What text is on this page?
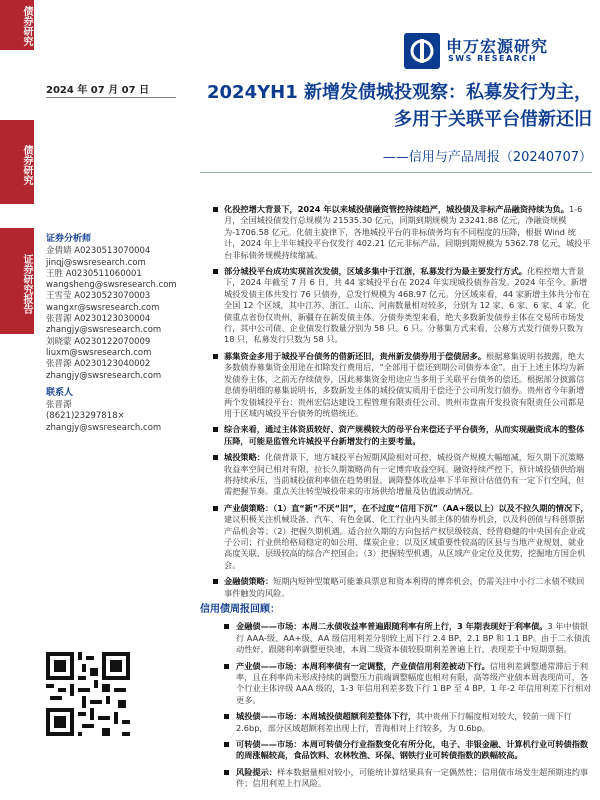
债券研究
债券研究
证券研究报告
申万宏源研究
SWS RESEARCH
2024 年 07 月 07 日	2024YH1 新增发债城投观察：私募发行为主，多用于关联平台借新还旧
——信用与产品周报（20240707）
证券分析师
金倩婧 A0230513070004
jinqj@swsresearch.com
王胜 A0230511060001
wangsheng@swsresearch.com
王雪莹 A0230523070003
wangxr@swsresearch.com
张晋源 A0230123030004
zhangjy@swsresearch.com
刘晓蒙 A0230122070009
liuxm@swsresearch.com
张晋源 A0230123040002
zhangjy@swsresearch.com
联系人
张晋源
(8621)23297818×
zhangjy@swsresearch.com
化投控增大背景下，2024 年以来城投债融资管控持续趋严，城投债及非标产品融资持续为负。1-6 月，全国城投债发行总规模为 21535.30 亿元，同期到期规模为 23241.88 亿元，净融资规模为-1706.58 亿元。化债主旋律下，各地城投平台的非标债务均有不同程度的压降，根据 Wind 统计，2024 年上半年城投平台仅发行 402.21 亿元非标产品，同期到期规模为 5362.78 亿元，城投平台非标债务规模持续缩减。
部分城投平台成功实现首次发债，区域多集中于江浙，私募发行为最主要发行方式。化程控增大背景下，2024 年截至 7 月 6 日，共 44 家城投平台在 2024 年实现城投债券首发。2024 年至今，新增城投发债主体共发行 76 只债券，总发行规模为 468.97 亿元。分区域来看，44 家新增主体共分布在全国 12 个区域，其中江苏、浙江、山东、河南数量相对较多，分别为 12 家、6 家、6 家、4 家。化债重点省份仅贵州、新疆存在新发债主体。分债券类型来看，绝大多数新发债券主体在交易所市场发行，其中公司债、企业债发行数量分别为 58 只、6 只。分募集方式来看，公募方式发行债券只数为 18 只，私募发行只数为 58 只。
募集资金多用于城投平台债务的借新还旧，贵州新发债券用于偿债居多。根据募集说明书披露，绝大多数债券募集资金用途在扣除发行费用后，“全部用于偿还到期公司债券本金”。由于上述主体均为新发债券主体，之前无存续债券，因此募集资金用途应当多用于关联平台债务的偿还。根据部分披露信息债券明细的募集说明书，多数新发主体的城投债实质用于偿还子公司所发行债券。贵州省今年新增两个发债城投平台：贵州宏信达建设工程管理有限责任公司、贵州市盘南开发投资有限责任公司都是用于区域内城投平台债务的统借统还。
综合来看，通过主体资质较好、资产规模较大的母平台来偿还子平台债务，从而实现融资成本的整体压降，可能是监管允许城投平台新增发行的主要考量。
城投策略：化债背景下，地方城投平台短期风险相对可控，城投资产规模大幅缩减，短久期下沉策略收益率空间已相对有限，拉长久期策略尚有一定博弈收益空间。融资持续严控下，预计城投债供给端将持续承压，当前城投债利率债在趋势明显，调降整体收益率下半年预计估值仍有一定下行空间，但需把握节奏。重点关注转型城投带来的市场供给增量及估值波动情况。
产业债策略：（1）直“新”不厌“旧”，在不过度“信用下沉”（AA+级以上）以及不拉久期的情况下，建议积极关注机械设备、汽车、有色金属、化工行业内头部主体的债券机会，以及科创债与科创票据产品机会等；（2）把握久期机遇。适合拉久期的方向包括产权层级较高、经营稳健的中央国有企业或子公司；行业供给格局稳定的如公用、煤炭企业；以及区域重要性较高的区县与当地产业规划、就业高度关联、层级较高的综合产控国企；（3）把握转型机遇，从区域产业定位及优势，挖掘地方国企机会。
金融债策略：短期内短钟型策略可能兼具票息和资本利得的博弈机会，仍需关注中小行二永债不赎回事件触发的风险。
信用债周报回顾：
金融债——市场：本周二永债收益率普遍跟随利率有所上行，3 年期表现好于利率债。3 年中债银行 AAA-级、AA+级、AA 级信用利差分别较上周下行 2.4 BP、2.1 BP 和 1.1 BP。由于二永债流动性好，跟随利率调整更快速，本周二级资本债较股期利差普遍上行，表现差于中短期票据。
产业债——市场：本周利率债有一定调整，产业债信用利差被动下行。信用利差调整通常滞后于利率，且在利率尚未形成持续的调整压力前端调整幅度也相对有限，高等级产业债本周表现尚可，各个行业主体评级 AAA 级的，1-3 年信用利差多数下行 1 BP 至 4 BP，1 年-2 年信用利差下行相对更多。
城投债——市场：本周城投债超额利差整体下行，其中贵州下行幅度相对较大，较前一周下行 2.6bp，部分区域超额利差出现上行，青海相对上行较多，为 0.6bp。
可转债——市场：本周可转债分行业指数变化有所分化，电子、非银金融、计算机行业可转债指数的周涨幅较高，食品饮料、农林牧渔、环保、钢铁行业可转债指数的跌幅较高。
风险提示：样本数据量相对较小，可能统计算结果具有一定偶然性；信用债市场发生超预期违约事件；信用利差上行风险。
